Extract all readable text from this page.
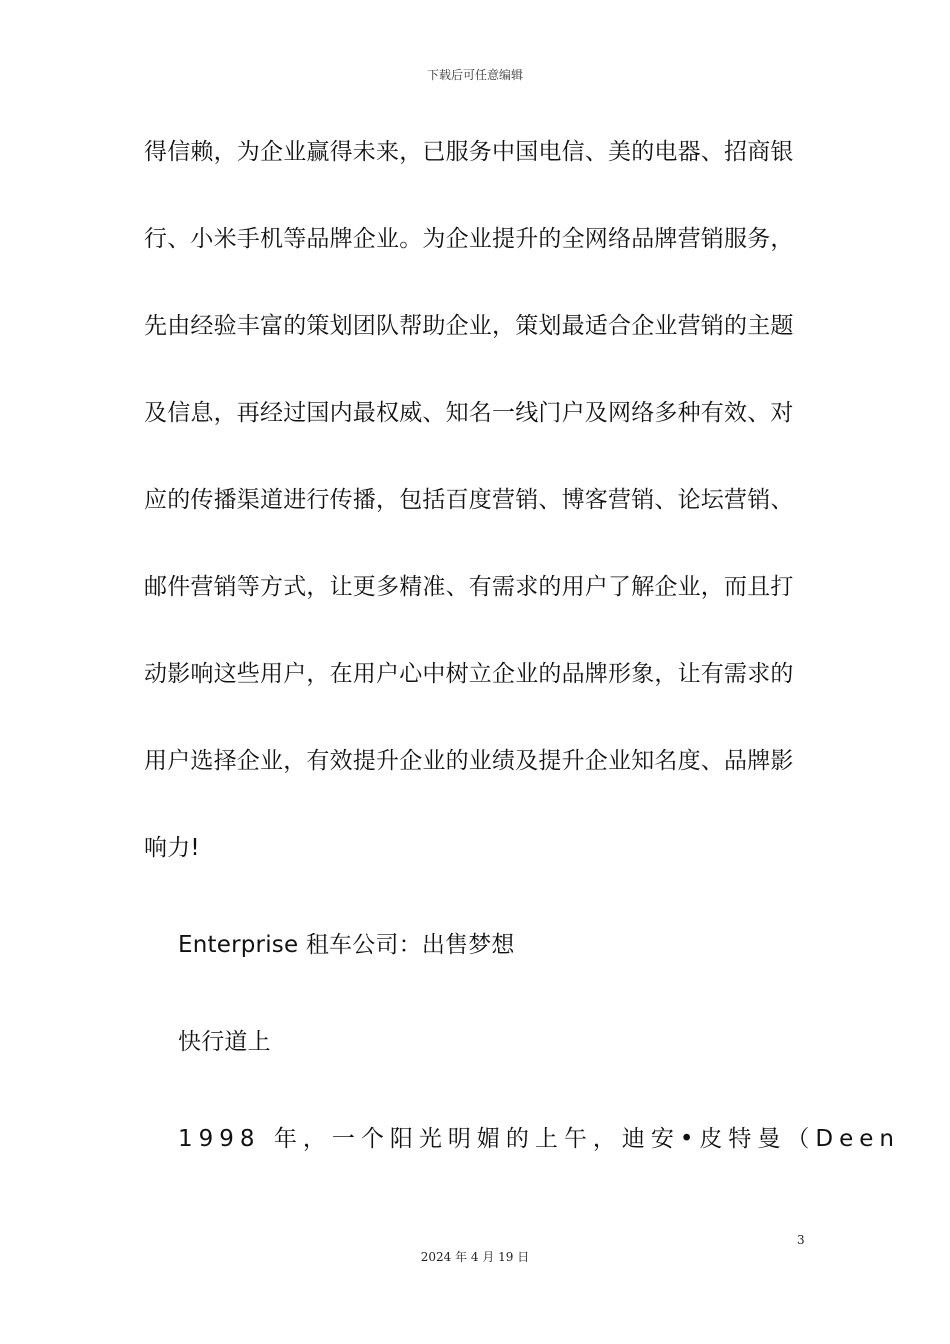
下载后可任意编辑
得信赖，为企业赢得未来，已服务中国电信、美的电器、招商银
行、小米手机等品牌企业。为企业提升的全网络品牌营销服务，
先由经验丰富的策划团队帮助企业，策划最适合企业营销的主题
及信息，再经过国内最权威、知名一线门户及网络多种有效、对
应的传播渠道进行传播，包括百度营销、博客营销、论坛营销、
邮件营销等方式，让更多精准、有需求的用户了解企业，而且打
动影响这些用户，在用户心中树立企业的品牌形象，让有需求的
用户选择企业，有效提升企业的业绩及提升企业知名度、品牌影
响力!
Enterprise 租车公司：出售梦想
快行道上
1998 年，一个阳光明媚的上午，迪安•皮特曼（Deen
3
2024 年 4 月 19 日
